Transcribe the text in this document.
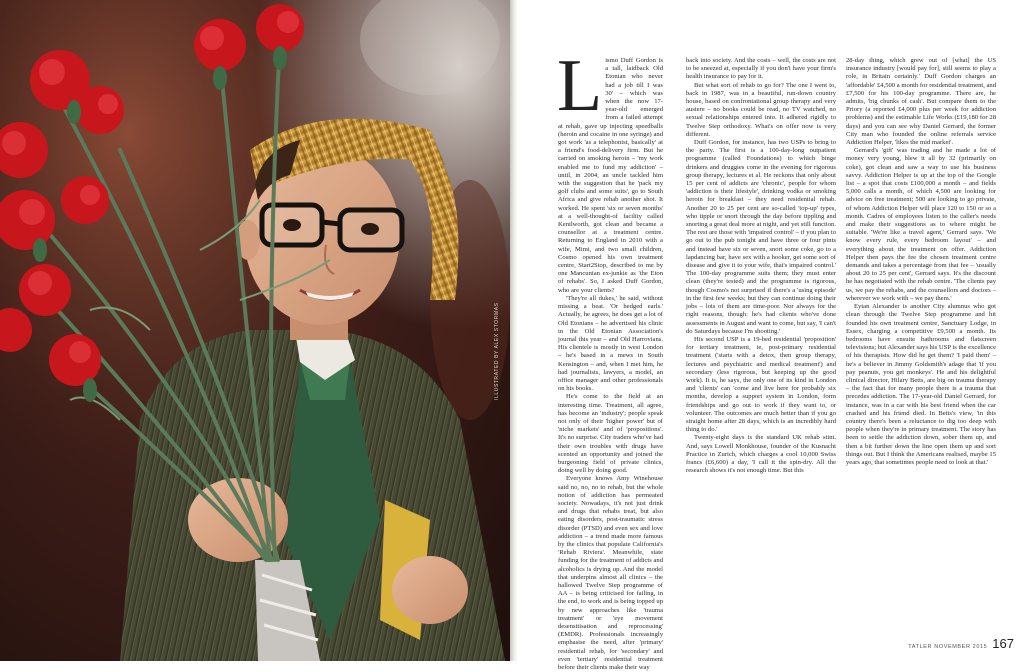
ILLUSTRATED BY ALEX STORMAS
L ismo Duff Gordon is a tall, laidback Old Etonian who never had a job till I was 30' – which was when the now 17-year-old emerged from a failed attempt at rehab, gave up injecting speedballs (heroin and cocaine in one syringe) and got work 'as a telephonist, basically' at a friend's food-delivery firm. But he carried on smoking heroin – 'my work enabled me to fund my addiction' – until, in 2004, an uncle tackled him with the suggestion that he 'pack my golf clubs and some suits', go to South Africa and give rehab another shot. It worked. He spent 'six or seven months' at a well-thought-of facility called Kenilworth, got clean and became a counsellor at a treatment centre. Returning to England in 2010 with a wife, Mimi, and two small children, Cosmo opened his own treatment centre, Start2Stop, described to me by one Mancunian ex-junkie as 'the Eton of rehabs'. So, I asked Duff Gordon, who are your clients?

'They're all dukes,' he said, without missing a beat. 'Or hedged earls.' Actually, he agrees, he does get a lot of Old Etonians – he advertised his clinic in the Old Etonian Association's journal this year – and Old Harrovians. His clientele is mostly in west London – he's based in a mews in South Kensington – and, when I met him, he had journalists, lawyers, a model, an office manager and other professionals on his books.

He's come to the field at an interesting time. Treatment, all agree, has become an 'industry'; people speak not only of their 'higher power' but of 'niche markets' and of 'propositions'. It's no surprise. City traders who've had their own troubles with drugs have scented an opportunity and joined the burgeoning field of private clinics, doing well by doing good.

Everyone knows Amy Winehouse said no, no, no to rehab, but the whole notion of addiction has permeated society. Nowadays, it's not just drink and drugs that rehabs treat, but also eating disorders, post-traumatic stress disorder (PTSD) and even sex and love addiction – a trend made more famous by the clinics that populate California's 'Rehab Riviera'. Meanwhile, state funding for the treatment of addicts and alcoholics is drying up. And the model that underpins almost all clinics – the hallowed Twelve Step programme of AA – is being criticised for failing, in the end, to work and is being topped up by new approaches like 'trauma treatment' or 'eye movement desensitisation and reprocessing' (EMDR). Professionals increasingly emphasise the need, after 'primary' residential rehab, for 'secondary' and even 'tertiary' residential treatment before their clients make their way

back into society. And the costs – well, the costs are not to be sneezed at, especially if you don't have your firm's health insurance to pay for it.

But what sort of rehab to go for? The one I went to, back in 1987, was in a beautiful, run-down country house, based on confrontational group therapy and very austere – no books could be read, no TV watched, no sexual relationships entered into. It adhered rigidly to Twelve Step orthodoxy. What's on offer now is very different.

Duff Gordon, for instance, has two USPs to bring to the party. The first is a 100-day-long outpatient programme (called Foundations) to which binge drinkers and druggies come in the evening for rigorous group therapy, lectures et al. He reckons that only about 15 per cent of addicts are 'chronic', people for whom 'addiction is their lifestyle', drinking vodka or smoking heroin for breakfast – they need residential rehab. Another 20 to 25 per cent are so-called 'top-up' types, who tipple or snort through the day before tippling and snorting a great deal more at night, and yet still function. The rest are those with 'impaired control' – if you plan to go out to the pub tonight and have three or four pints and instead have six or seven, snort some coke, go to a lapdancing bar, have sex with a hooker, get some sort of disease and give it to your wife, that's impaired control.' The 100-day programme suits them; they must enter clean (they're tested) and the programme is rigorous, though Cosmo's not surprised if there's a 'using episode' in the first few weeks; but they can continue doing their jobs – lots of them are time-poor. Nor always for the right reasons, though: he's had clients who've done assessments in August and want to come, but say, 'I can't do Saturdays because I'm shooting.'

His second USP is a 19-bed residential 'proposition' for tertiary treatment, ie, post-primary residential treatment ('starts with a detox, then group therapy, lectures and psychiatric and medical treatment') and secondary (less rigorous, but keeping up the good work). It is, he says, the only one of its kind in London and 'clients' can 'come and live here for probably six months, develop a support system in London, form friendships and go out to work if they want to, or volunteer. The outcomes are much better than if you go straight home after 28 days, which is an incredibly hard thing to do.'

Twenty-eight days is the standard UK rehab stint. And, says Lowell Monkhouse, founder of the Kusnacht Practice in Zurich, which charges a cool 10,000 Swiss francs (£6,600) a day, 'I call it the spin-dry. All the research shows it's not enough time. But this

28-day thing, which grew out of [what] the US insurance industry [would pay for], still seems to play a role, in Britain certainly.' Duff Gordon charges an 'affordable' £4,500 a month for residential treatment, and £7,500 for his 100-day programme. There are, he admits, 'big chunks of cash'. But compare them to the Priory (a reported £4,000 plus per week for addiction problems) and the estimable Life Works (£19,180 for 28 days) and you can see why Daniel Gerrard, the former City man who founded the online referrals service Addiction Helper, 'likes the mid market'.

Gerrard's 'gift' was trading and he made a lot of money very young, blew it all by 32 (primarily on coke), got clean and saw a way to use his business savvy. Addiction Helper is up at the top of the Google list – a spot that costs £100,000 a month – and fields 5,000 calls a month, of which 4,500 are looking for advice on free treatment; 500 are looking to go private, of whom Addiction Helper will place 120 to 150 or so a month. Cadres of employees listen to the caller's needs and make their suggestions as to where might be suitable. 'We're like a travel agent,' Gerrard says. 'We know every rule, every bedroom layout' – and everything about the treatment on offer. Addiction Helper then pays the fee the chosen treatment centre demands and takes a percentage from that fee – 'usually about 20 to 25 per cent', Gerrard says. It's the discount he has negotiated with the rehab centre. 'The clients pay us, we pay the rehabs, and the counsellors and doctors – wherever we work with – we pay them.'

Eytan Alexander is another City alumnus who got clean through the Twelve Step programme and hit founded his own treatment centre, Sanctuary Lodge, in Essex, charging a competitive £9,500 a month. Its bedrooms have ensuite bathrooms and flatscreen televisions; but Alexander says his USP is the excellence of his therapists. How did he get them? 'I paid them' – he's a believer in Jimmy Goldsmith's adage that 'if you pay peanuts, you get monkeys'. He and his delightful clinical director, Hilary Betts, are big on trauma therapy – the fact that for many people there is a trauma that precedes addiction. The 17-year-old Daniel Gerrard, for instance, was in a car with his best friend when the car crashed and his friend died. In Betts's view, 'in this country there's been a reluctance to dig too deep with people when they're in primary treatment. The story has been to settle the addiction down, sober them up, and then a bit further down the line open them up and sort things out. But I think the Americans realised, maybe 15 years ago, that sometimes people need to look at that.'

TATLER NOVEMBER 2015 167
